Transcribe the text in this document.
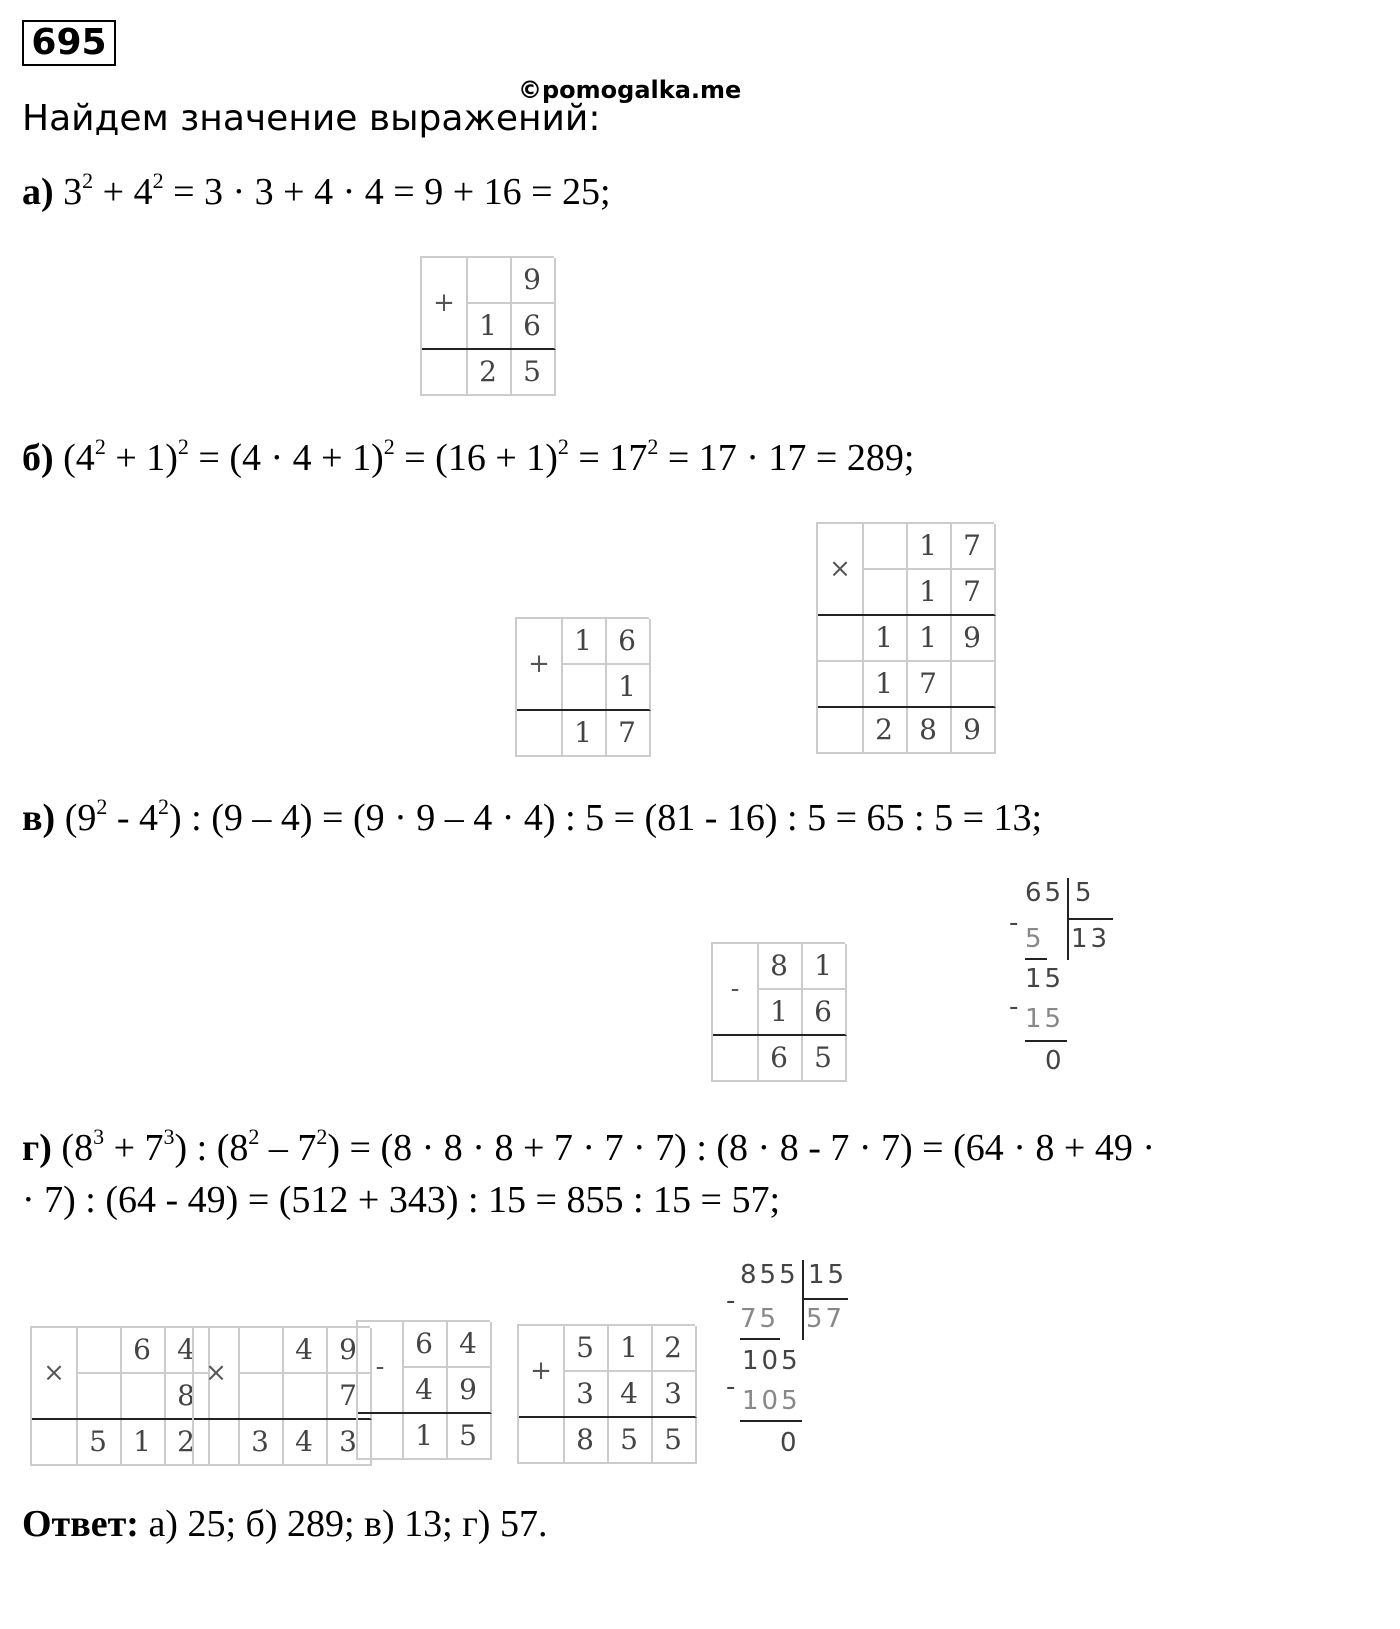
695
©pomogalka.me
Найдем значение выражений:
а) $3^2 + 4^2 = 3 \cdot 3 + 4 \cdot 4 = 9 + 16 = 25$;
+
9
1 6
2 5
б) $(4^2 + 1)^2 = (4 \cdot 4 + 1)^2 = (16 + 1)^2 = 17^2 = 17 \cdot 17 = 289$;
+
1 6
1
1 7
×
1 7
1 7
1 1 9
1 7
2 8 9
в) $(9^2 - 4^2)$ : (9 – 4) = (9 · 9 – 4 · 4) : 5 = (81 - 16) : 5 = 65 : 5 = 13;
-
8 1
1 6
6 5
-
65 5
13
5
15
- 15
0
г) $(8^3 + 7^3)$ : $(8^2 - 7^2) = (8 \cdot 8 \cdot 8 + 7 \cdot 7 \cdot 7)$ : (8 · 8 - 7 · 7) = (64 · 8 + 49 ·
· 7) : (64 - 49) = (512 + 343) : 15 = 855 : 15 = 57;
×
6 4
8
5 1 2
×
4 9
7
3 4 3
-
6 4
4 9
1 5
+
5 1 2
3 4 3
8 5 5
-
855 15
57
75
105
- 105
0
Ответ: а) 25; б) 289; в) 13; г) 57.
